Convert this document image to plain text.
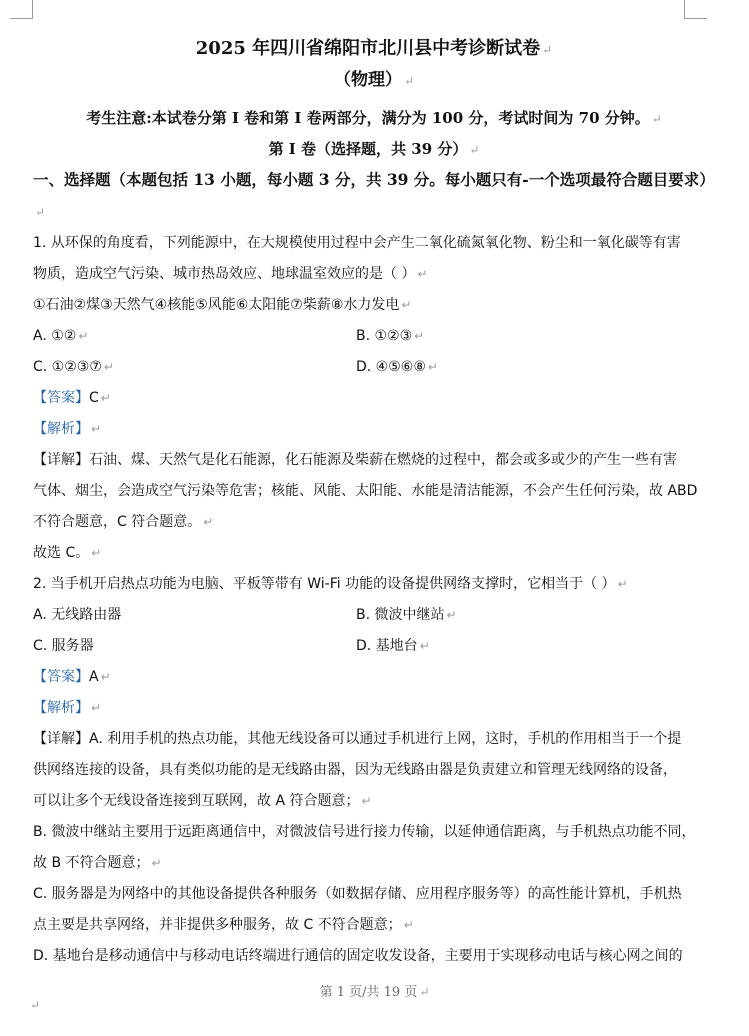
2025 年四川省绵阳市北川县中考诊断试卷 ↵
（物理） ↵
考生注意:本试卷分第 I 卷和第 I 卷两部分，满分为 100 分，考试时间为 70 分钟。 ↵
第 I 卷（选择题，共 39 分） ↵
一、选择题（本题包括 13 小题，每小题 3 分，共 39 分。每小题只有-一个选项最符合题目要求）↵
1. 从环保的角度看，下列能源中，在大规模使用过程中会产生二氧化硫氮氧化物、粉尘和一氧化碳等有害
物质，造成空气污染、城市热岛效应、地球温室效应的是（ ） ↵
①石油②煤③天然气④核能⑤风能⑥太阳能⑦柴薪⑧水力发电 ↵
A. ①② ↵	B. ①②③ ↵
C. ①②③⑦ ↵	D. ④⑤⑥⑧ ↵
【答案】C ↵
【解析】 ↵
【详解】石油、煤、天然气是化石能源，化石能源及柴薪在燃烧的过程中，都会或多或少的产生一些有害
气体、烟尘，会造成空气污染等危害；核能、风能、太阳能、水能是清洁能源，不会产生任何污染，故 ABD
不符合题意，C 符合题意。 ↵
故选 C。 ↵
2. 当手机开启热点功能为电脑、平板等带有 Wi-Fi 功能的设备提供网络支撑时，它相当于（ ） ↵
A. 无线路由器	B. 微波中继站 ↵
C. 服务器	D. 基地台 ↵
【答案】A ↵
【解析】 ↵
【详解】A. 利用手机的热点功能，其他无线设备可以通过手机进行上网，这时，手机的作用相当于一个提
供网络连接的设备，具有类似功能的是无线路由器，因为无线路由器是负责建立和管理无线网络的设备，
可以让多个无线设备连接到互联网，故 A 符合题意； ↵
B. 微波中继站主要用于远距离通信中，对微波信号进行接力传输，以延伸通信距离，与手机热点功能不同，
故 B 不符合题意； ↵
C. 服务器是为网络中的其他设备提供各种服务（如数据存储、应用程序服务等）的高性能计算机，手机热
点主要是共享网络，并非提供多种服务，故 C 不符合题意； ↵
D. 基地台是移动通信中与移动电话终端进行通信的固定收发设备，主要用于实现移动电话与核心网之间的
第 1 页/共 19 页 ↵
↵
